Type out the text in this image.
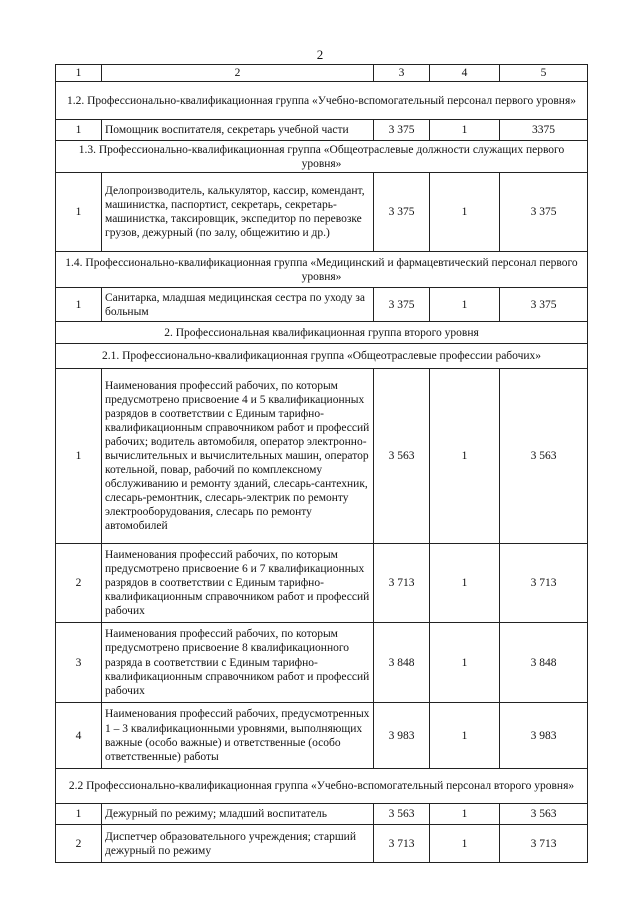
2
1	2	3	4	5
1.2. Профессионально-квалификационная группа «Учебно-вспомогательный персонал первого уровня»				
1	Помощник воспитателя, секретарь учебной части	3 375	1	3375
1.3. Профессионально-квалификационная группа «Общеотраслевые должности служащих первого уровня»				
1	Делопроизводитель, калькулятор, кассир, комендант, машинистка, паспортист, секретарь, секретарь-машинистка, таксировщик, экспедитор по перевозке грузов, дежурный (по залу, общежитию и др.)	3 375	1	3 375
1.4. Профессионально-квалификационная группа «Медицинский и фармацевтический персонал первого уровня»				
1	Санитарка, младшая медицинская сестра по уходу за больным	3 375	1	3 375
2. Профессиональная квалификационная группа второго уровня				
2.1. Профессионально-квалификационная группа «Общеотраслевые профессии рабочих»				
1	Наименования профессий рабочих, по которым предусмотрено присвоение 4 и 5 квалификационных разрядов в соответствии с Единым тарифно-квалификационным справочником работ и профессий рабочих; водитель автомобиля, оператор электронно-вычислительных и вычислительных машин, оператор котельной, повар, рабочий по комплексному обслуживанию и ремонту зданий, слесарь-сантехник, слесарь-ремонтник, слесарь-электрик по ремонту электрооборудования, слесарь по ремонту автомобилей	3 563	1	3 563
2	Наименования профессий рабочих, по которым предусмотрено присвоение 6 и 7 квалификационных разрядов в соответствии с Единым тарифно-квалификационным справочником работ и профессий рабочих	3 713	1	3 713
3	Наименования профессий рабочих, по которым предусмотрено присвоение 8 квалификационного разряда в соответствии с Единым тарифно-квалификационным справочником работ и профессий рабочих	3 848	1	3 848
4	Наименования профессий рабочих, предусмотренных 1 – 3 квалификационными уровнями, выполняющих важные (особо важные) и ответственные (особо ответственные) работы	3 983	1	3 983
2.2 Профессионально-квалификационная группа «Учебно-вспомогательный персонал второго уровня»				
1	Дежурный по режиму; младший воспитатель	3 563	1	3 563
2	Диспетчер образовательного учреждения; старший дежурный по режиму	3 713	1	3 713
